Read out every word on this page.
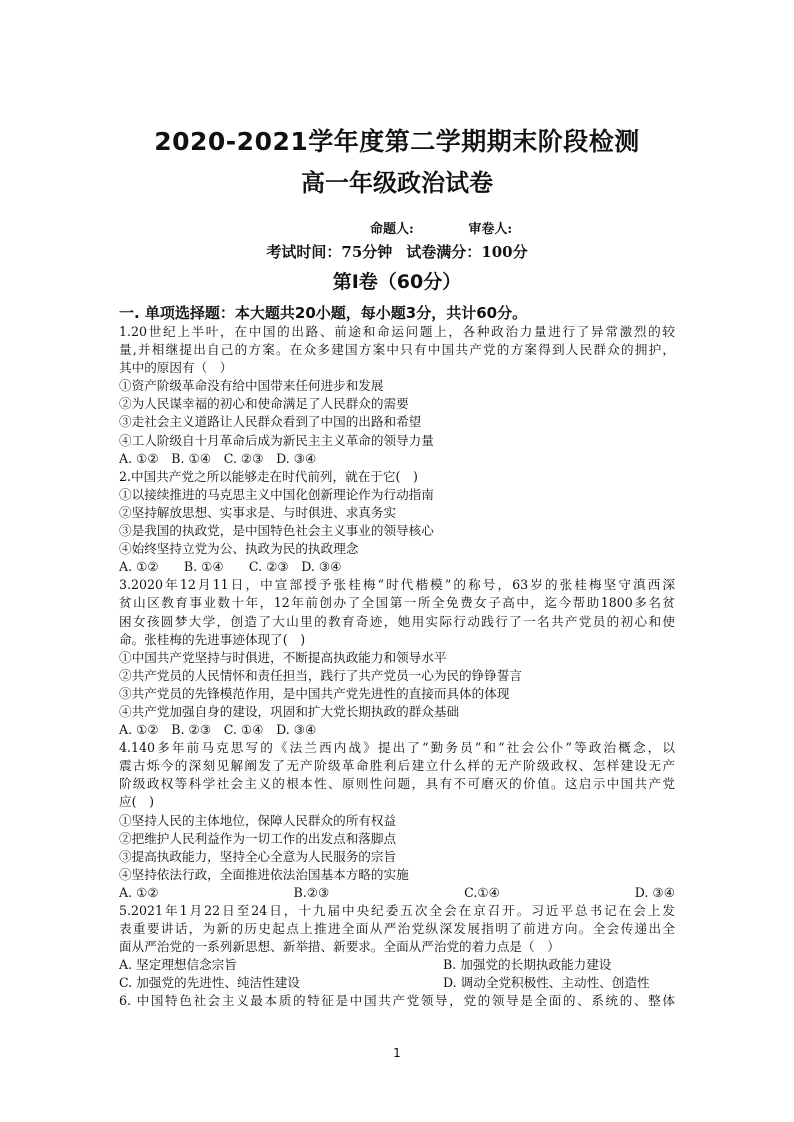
2020-2021学年度第二学期期末阶段检测
高一年级政治试卷
命题人:	审卷人:
考试时间：75分钟 试卷满分：100分
第Ⅰ卷（60分）
一. 单项选择题：本大题共20小题，每小题3分，共计60分。
1.20世纪上半叶，在中国的出路、前途和命运问题上，各种政治力量进行了异常激烈的较
量,并相继提出自己的方案。在众多建国方案中只有中国共产党的方案得到人民群众的拥护，
其中的原因有（　）
①资产阶级革命没有给中国带来任何进步和发展
②为人民谋幸福的初心和使命满足了人民群众的需要
③走社会主义道路让人民群众看到了中国的出路和希望
④工人阶级自十月革命后成为新民主主义革命的领导力量
A. ①②　B. ①④　C. ②③　D. ③④
2.中国共产党之所以能够走在时代前列，就在于它(　)
①以接续推进的马克思主义中国化创新理论作为行动指南
②坚持解放思想、实事求是、与时俱进、求真务实
③是我国的执政党，是中国特色社会主义事业的领导核心
④始终坚持立党为公、执政为民的执政理念
A. ①②　　B. ①④　　C. ②③　D. ③④
3.2020年12月11日，中宣部授予张桂梅“时代楷模”的称号，63岁的张桂梅坚守滇西深
贫山区教育事业数十年，12年前创办了全国第一所全免费女子高中，迄今帮助1800多名贫
困女孩圆梦大学，创造了大山里的教育奇迹，她用实际行动践行了一名共产党员的初心和使
命。张桂梅的先进事迹体现了(　)
①中国共产党坚持与时俱进，不断提高执政能力和领导水平
②共产党员的人民情怀和责任担当，践行了共产党员一心为民的铮铮誓言
③共产党员的先锋模范作用，是中国共产党先进性的直接而具体的体现
④共产党加强自身的建设，巩固和扩大党长期执政的群众基础
A. ①②　B. ②③　C. ①④　D. ③④
4.140多年前马克思写的《法兰西内战》提出了“勤务员”和“社会公仆”等政治概念，以
震古烁今的深刻见解阐发了无产阶级革命胜利后建立什么样的无产阶级政权、怎样建设无产
阶级政权等科学社会主义的根本性、原则性问题，具有不可磨灭的价值。这启示中国共产党
应(　)
①坚持人民的主体地位，保障人民群众的所有权益
②把维护人民利益作为一切工作的出发点和落脚点
③提高执政能力，坚持全心全意为人民服务的宗旨
④坚持依法行政，全面推进依法治国基本方略的实施
A. ①②	B.②③	C.①④	D. ③④
5.2021年1月22日至24日，十九届中央纪委五次全会在京召开。习近平总书记在会上发
表重要讲话，为新的历史起点上推进全面从严治党纵深发展指明了前进方向。全会传递出全
面从严治党的一系列新思想、新举措、新要求。全面从严治党的着力点是（　）
A. 坚定理想信念宗旨	B. 加强党的长期执政能力建设
C. 加强党的先进性、纯洁性建设	D. 调动全党积极性、主动性、创造性
6. 中国特色社会主义最本质的特征是中国共产党领导，党的领导是全面的、系统的、整体
1
